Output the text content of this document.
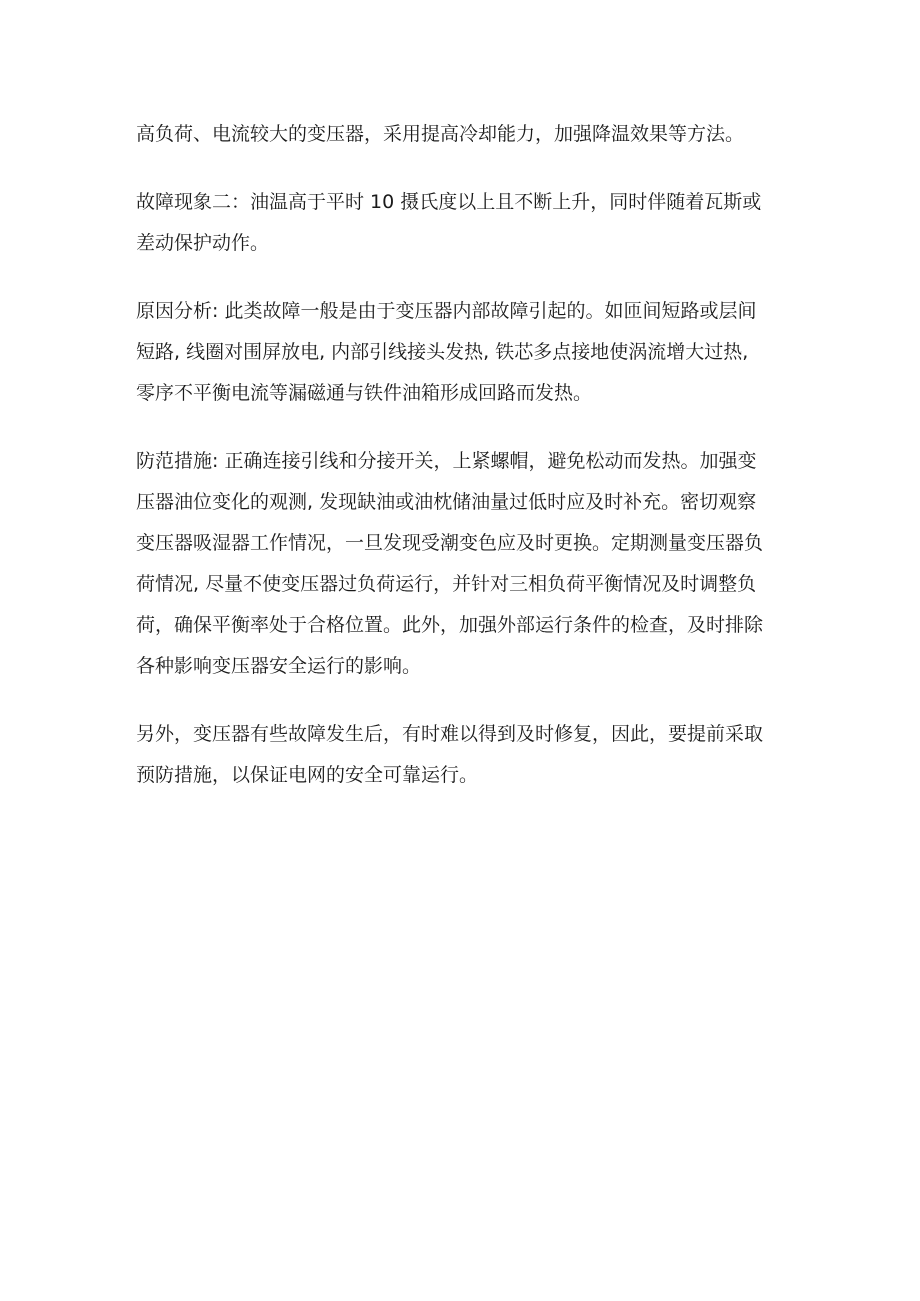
高负荷、电流较大的变压器，采用提高冷却能力，加强降温效果等方法。

故障现象二：油温高于平时 10 摄氏度以上且不断上升，同时伴随着瓦斯或
差动保护动作。

原因分析: 此类故障一般是由于变压器内部故障引起的。如匝间短路或层间
短路, 线圈对围屏放电, 内部引线接头发热, 铁芯多点接地使涡流增大过热,
零序不平衡电流等漏磁通与铁件油箱形成回路而发热。

防范措施: 正确连接引线和分接开关，上紧螺帽，避免松动而发热。加强变
压器油位变化的观测, 发现缺油或油枕储油量过低时应及时补充。密切观察
变压器吸湿器工作情况，一旦发现受潮变色应及时更换。定期测量变压器负
荷情况, 尽量不使变压器过负荷运行，并针对三相负荷平衡情况及时调整负
荷，确保平衡率处于合格位置。此外，加强外部运行条件的检查，及时排除
各种影响变压器安全运行的影响。

另外，变压器有些故障发生后，有时难以得到及时修复，因此，要提前采取
预防措施，以保证电网的安全可靠运行。
